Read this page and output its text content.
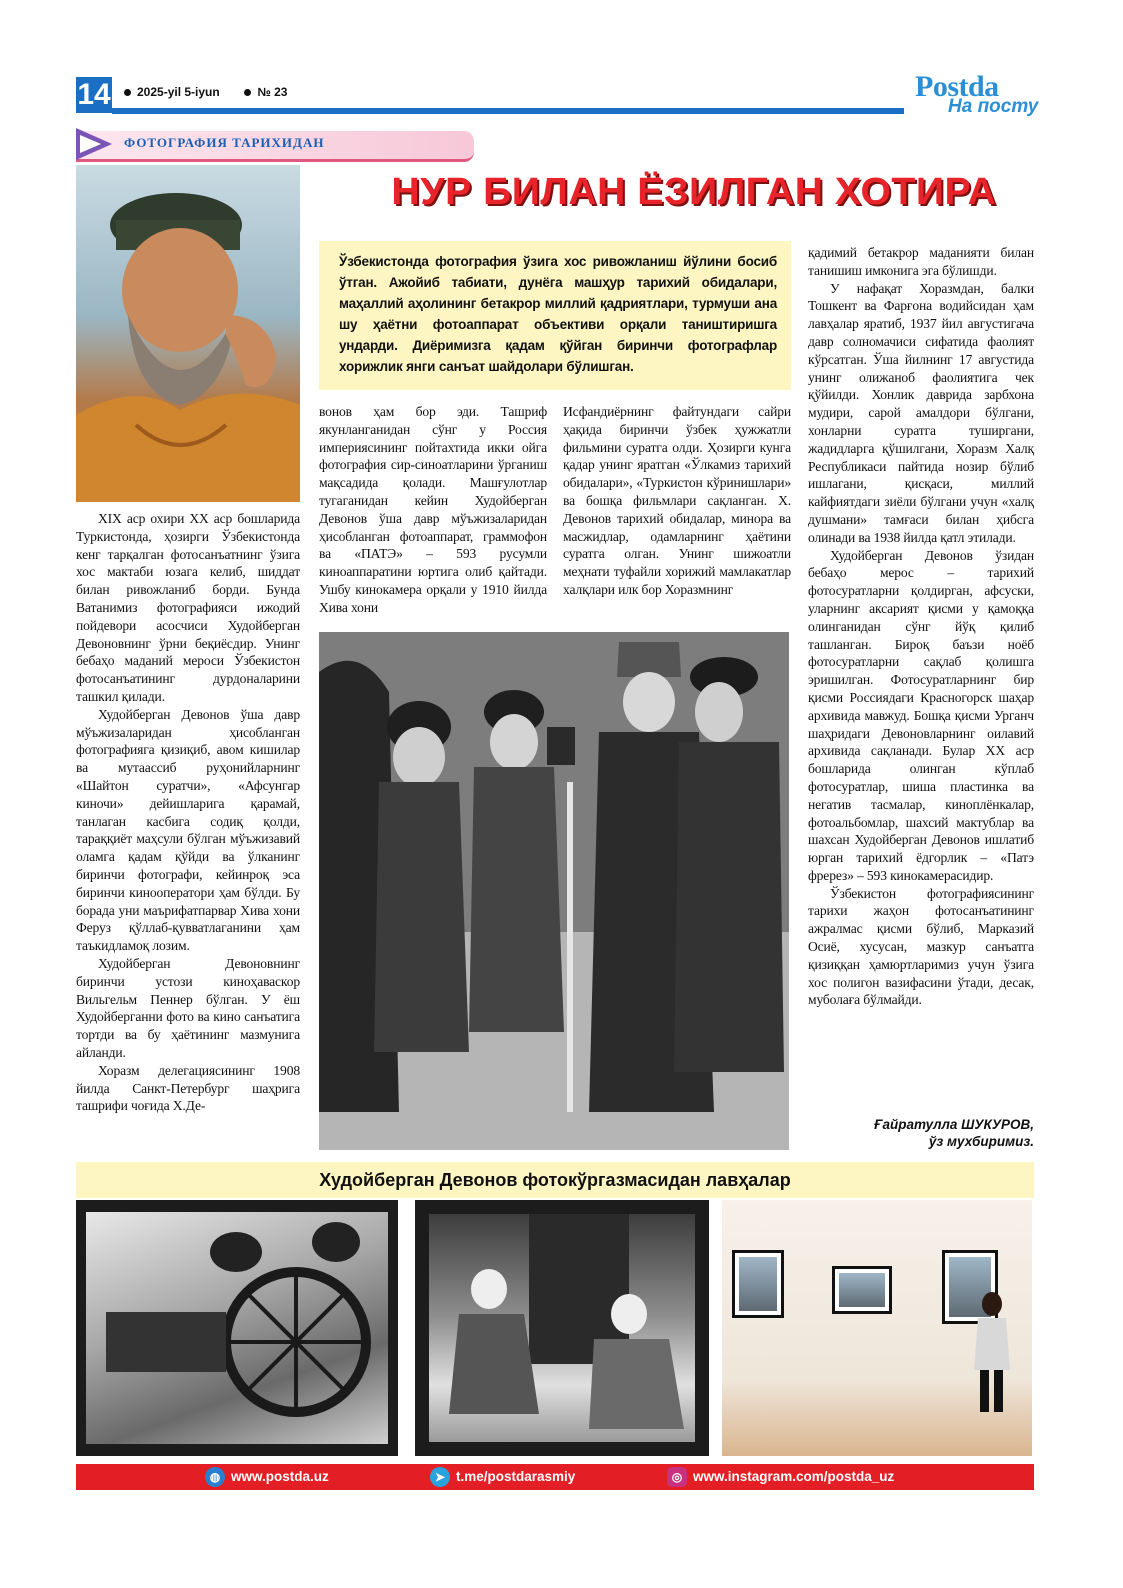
14	2025-yil 5-iyun	№ 23	Postda
На посту
ФОТОГРАФИЯ ТАРИХИДАН
НУР БИЛАН ЁЗИЛГАН ХОТИРА
Ўзбекистонда фотография ўзига хос ривожланиш йўлини босиб ўтган. Ажойиб табиати, дунёга машҳур тарихий обидалари, маҳаллий аҳолининг бетакрор миллий қадриятлари, турмуши ана шу ҳаётни фотоаппарат объективи орқали таништиришга ундарди. Диёримизга қадам қўйган биринчи фотографлар хорижлик янги санъат шайдолари бўлишган.

XIX аср охири XX аср бошларида Туркистонда, ҳозирги Ўзбекистонда кенг тарқалган фотосанъатнинг ўзига хос мактаби юзага келиб, шиддат билан ривожланиб борди. Бунда Ватанимиз фотографияси ижодий пойдевори асосчиси Худойберган Девоновнинг ўрни беқиёсдир. Унинг бебаҳо маданий мероси Ўзбекистон фотосанъатининг дурдоналарини ташкил қилади.

Худойберган Девонов ўша давр мўъжизаларидан ҳисобланган фотографияга қизиқиб, авом кишилар ва мутаассиб руҳонийларнинг «Шайтон суратчи», «Афсунгар киночи» дейишларига қарамай, танлаган касбига содиқ қолди, тараққиёт маҳсули бўлган мўъжизавий оламга қадам қўйди ва ўлканинг биринчи фотографи, кейинроқ эса биринчи кинооператори ҳам бўлди. Бу борада уни маърифатпарвар Хива хони Феруз қўллаб-қувватлаганини ҳам таъкидламоқ лозим.

Худойберган Девоновнинг биринчи устози киноҳаваскор Вильгельм Пеннер бўлган. У ёш Худойберганни фото ва кино санъатига тортди ва бу ҳаётининг мазмунига айланди.

Хоразм делегациясининг 1908 йилда Санкт-Петербург шаҳрига ташрифи чоғида Х.Де-

вонов ҳам бор эди. Ташриф якунланганидан сўнг у Россия империясининг пойтахтида икки ойга фотография сир-синоатларини ўрганиш мақсадида қолади. Машғулотлар тугаганидан кейин Худойберган Девонов ўша давр мўъжизаларидан ҳисобланган фотоаппарат, граммофон ва «ПАТЭ» – 593 русумли киноаппаратини юртига олиб қайтади. Ушбу кинокамера орқали у 1910 йилда Хива хони

Исфандиёрнинг файтундаги сайри ҳақида биринчи ўзбек ҳужжатли фильмини суратга олди. Ҳозирги кунга қадар унинг яратган «Ўлкамиз тарихий обидалари», «Туркистон кўринишлари» ва бошқа фильмлари сақланган. Х. Девонов тарихий обидалар, минора ва масжидлар, одамларнинг ҳаётини суратга олган. Унинг шижоатли меҳнати туфайли хорижий мамлакатлар халқлари илк бор Хоразмнинг

қадимий бетакрор маданияти билан танишиш имконига эга бўлишди.

У нафақат Хоразмдан, балки Тошкент ва Фарғона водийсидан ҳам лавҳалар яратиб, 1937 йил августигача давр солномачиси сифатида фаолият кўрсатган. Ўша йилнинг 17 августида унинг олижаноб фаолиятига чек қўйилди. Хонлик даврида зарбхона мудири, сарой амалдори бўлгани, хонларни суратга туширгани, жадидларга қўшилгани, Хоразм Халқ Республикаси пайтида нозир бўлиб ишлагани, қисқаси, миллий кайфиятдаги зиёли бўлгани учун «халқ душмани» тамғаси билан ҳибсга олинади ва 1938 йилда қатл этилади.

Худойберган Девонов ўзидан бебаҳо мерос – тарихий фотосуратларни қолдирган, афсуски, уларнинг аксарият қисми у қамоққа олинганидан сўнг йўқ қилиб ташланган. Бироқ баъзи ноёб фотосуратларни сақлаб қолишга эришилган. Фотосуратларнинг бир қисми Россиядаги Красногорск шаҳар архивида мавжуд. Бошқа қисми Урганч шаҳридаги Девоновларнинг оилавий архивида сақланади. Булар XX аср бошларида олинган кўплаб фотосуратлар, шиша пластинка ва негатив тасмалар, киноплёнкалар, фотоальбомлар, шахсий мактублар ва шахсан Худойберган Девонов ишлатиб юрган тарихий ёдгорлик – «Патэ фререз» – 593 кинокамерасидир.

Ўзбекистон фотографиясининг тарихи жаҳон фотосанъатининг ажралмас қисми бўлиб, Марказий Осиё, хусусан, мазкур санъатга қизиққан ҳамюртларимиз учун ўзига хос полигон вазифасини ўтади, десак, муболаға бўлмайди.

Ғайратулла ШУКУРОВ,
ўз мухбиримиз.
Худойберган Девонов фотокўргазмасидан лавҳалар
◍ www.postda.uz	➤ t.me/postdarasmiy	◎ www.instagram.com/postda_uz
